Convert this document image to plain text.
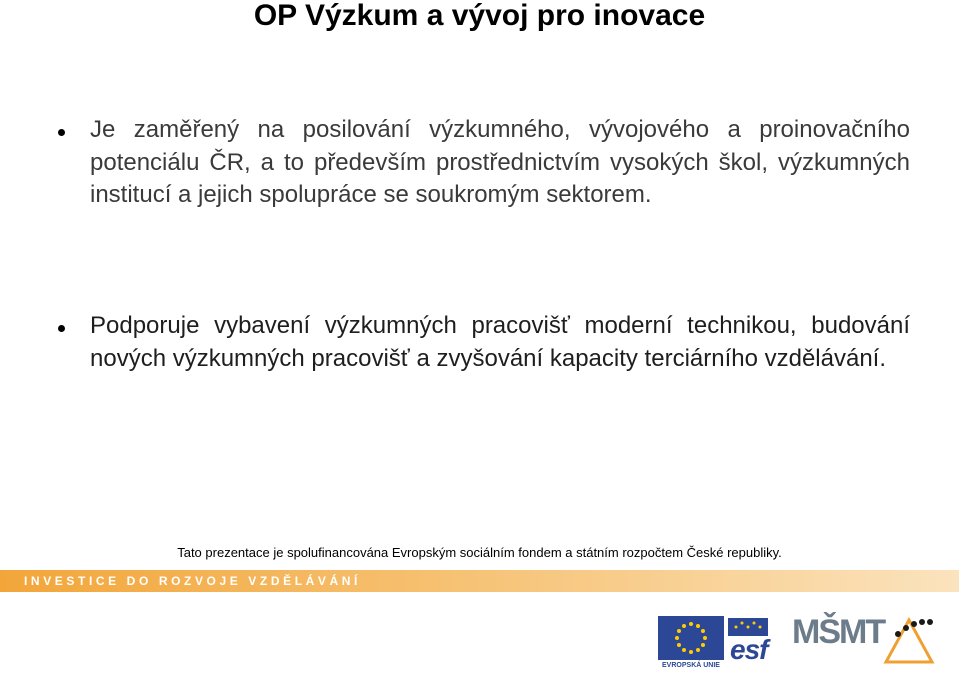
OP Výzkum a vývoj pro inovace
Je zaměřený na posilování výzkumného, vývojového a proinovačního potenciálu ČR, a to především prostřednictvím vysokých škol, výzkumných institucí a jejich spolupráce se soukromým sektorem.
Podporuje vybavení výzkumných pracovišť moderní technikou, budování nových výzkumných pracovišť a zvyšování kapacity terciárního vzdělávání.
Tato prezentace je spolufinancována Evropským sociálním fondem a státním rozpočtem České republiky.
INVESTICE DO ROZVOJE VZDĚLÁVÁNÍ
EVROPSKÁ UNIE
esf MŠMT
